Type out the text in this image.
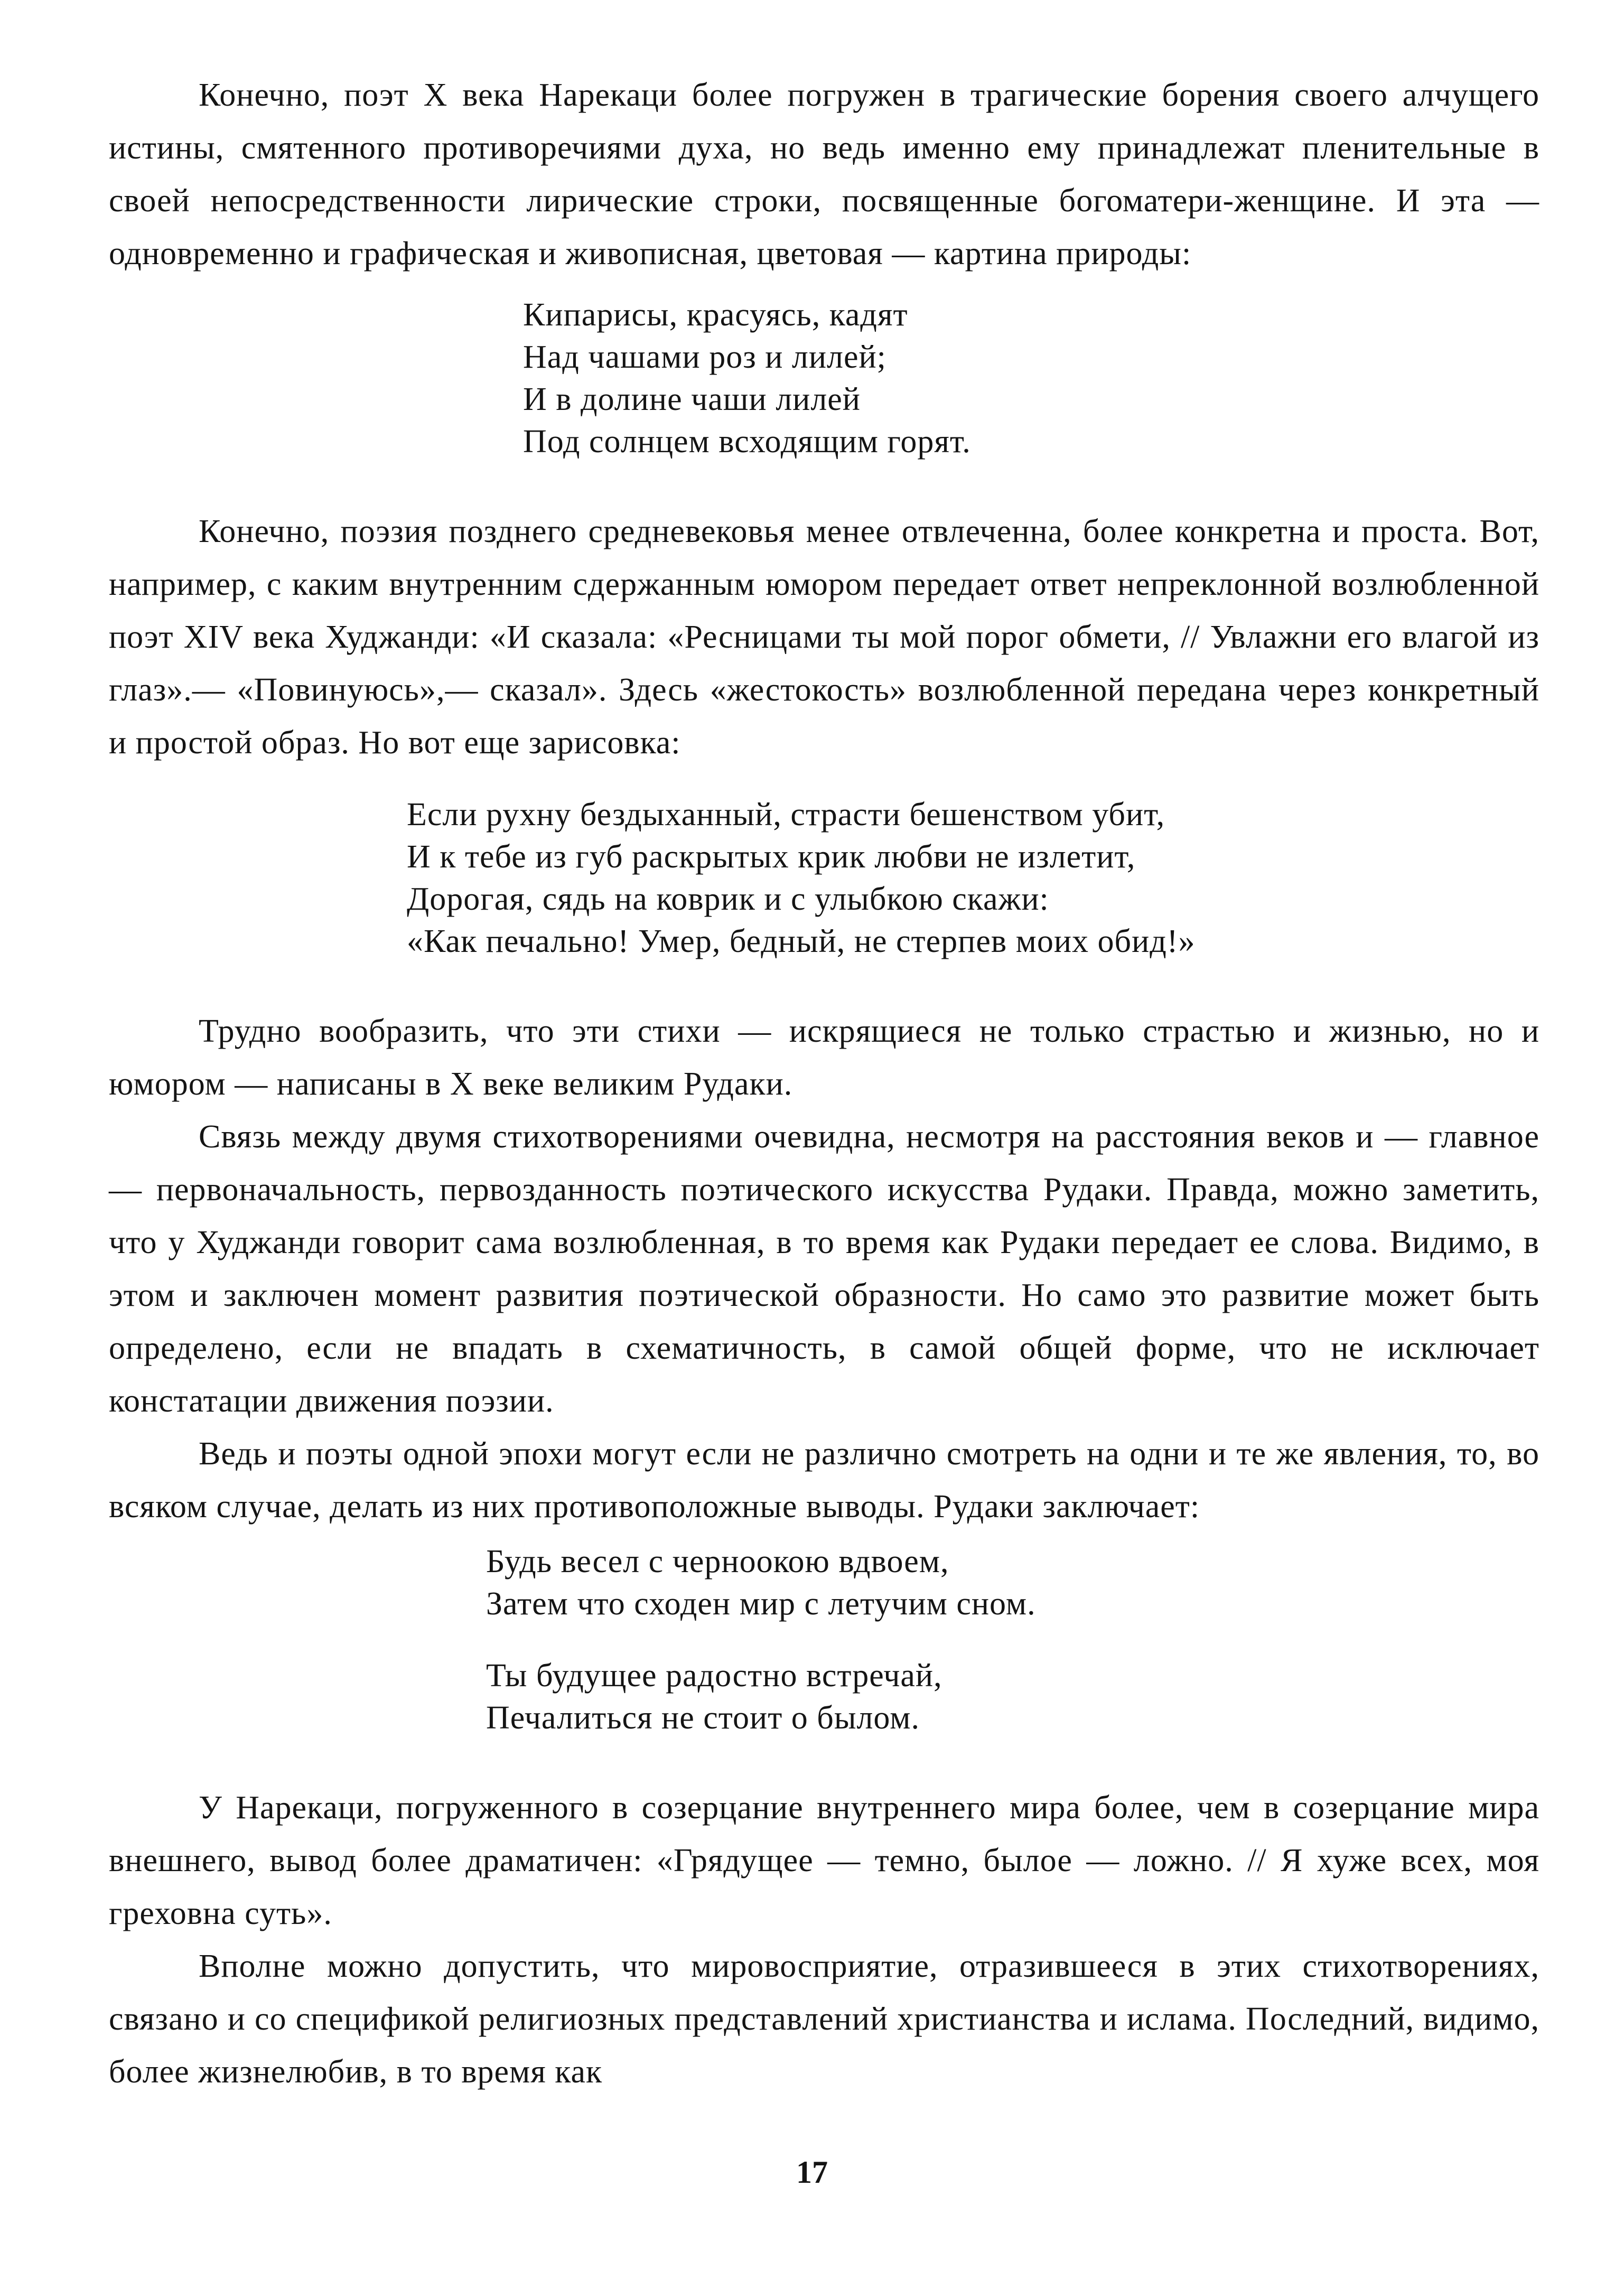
Конечно, поэт X века Нарекаци более погружен в трагические борения своего алчущего истины, смятенного противоречиями духа, но ведь именно ему принадлежат пленительные в своей непосредственности лирические строки, посвященные богоматери-женщине. И эта — одновременно и графическая и живописная, цветовая — картина природы:

Кипарисы, красуясь, кадят
Над чашами роз и лилей;
И в долине чаши лилей
Под солнцем всходящим горят.

Конечно, поэзия позднего средневековья менее отвлеченна, более конкретна и проста. Вот, например, с каким внутренним сдержанным юмором передает ответ непреклонной возлюбленной поэт XIV века Худжанди: «И сказала: «Ресницами ты мой порог обмети, // Увлажни его влагой из глаз».— «Повинуюсь»,— сказал». Здесь «жестокость» возлюбленной передана через конкретный и простой образ. Но вот еще зарисовка:

Если рухну бездыханный, страсти бешенством убит,
И к тебе из губ раскрытых крик любви не излетит,
Дорогая, сядь на коврик и с улыбкою скажи:
«Как печально! Умер, бедный, не стерпев моих обид!»

Трудно вообразить, что эти стихи — искрящиеся не только страстью и жизнью, но и юмором — написаны в X веке великим Рудаки.

Связь между двумя стихотворениями очевидна, несмотря на расстояния веков и — главное — первоначальность, первозданность поэтического искусства Рудаки. Правда, можно заметить, что у Худжанди говорит сама возлюбленная, в то время как Рудаки передает ее слова. Видимо, в этом и заключен момент развития поэтической образности. Но само это развитие может быть определено, если не впадать в схематичность, в самой общей форме, что не исключает констатации движения поэзии.

Ведь и поэты одной эпохи могут если не различно смотреть на одни и те же явления, то, во всяком случае, делать из них противоположные выводы. Рудаки заключает:

Будь весел с черноокою вдвоем,
Затем что сходен мир с летучим сном.
Ты будущее радостно встречай,
Печалиться не стоит о былом.

У Нарекаци, погруженного в созерцание внутреннего мира более, чем в созерцание мира внешнего, вывод более драматичен: «Грядущее — темно, былое — ложно. // Я хуже всех, моя греховна суть».

Вполне можно допустить, что мировосприятие, отразившееся в этих стихотворениях, связано и со спецификой религиозных представлений христианства и ислама. Последний, видимо, более жизнелюбив, в то время как

17
